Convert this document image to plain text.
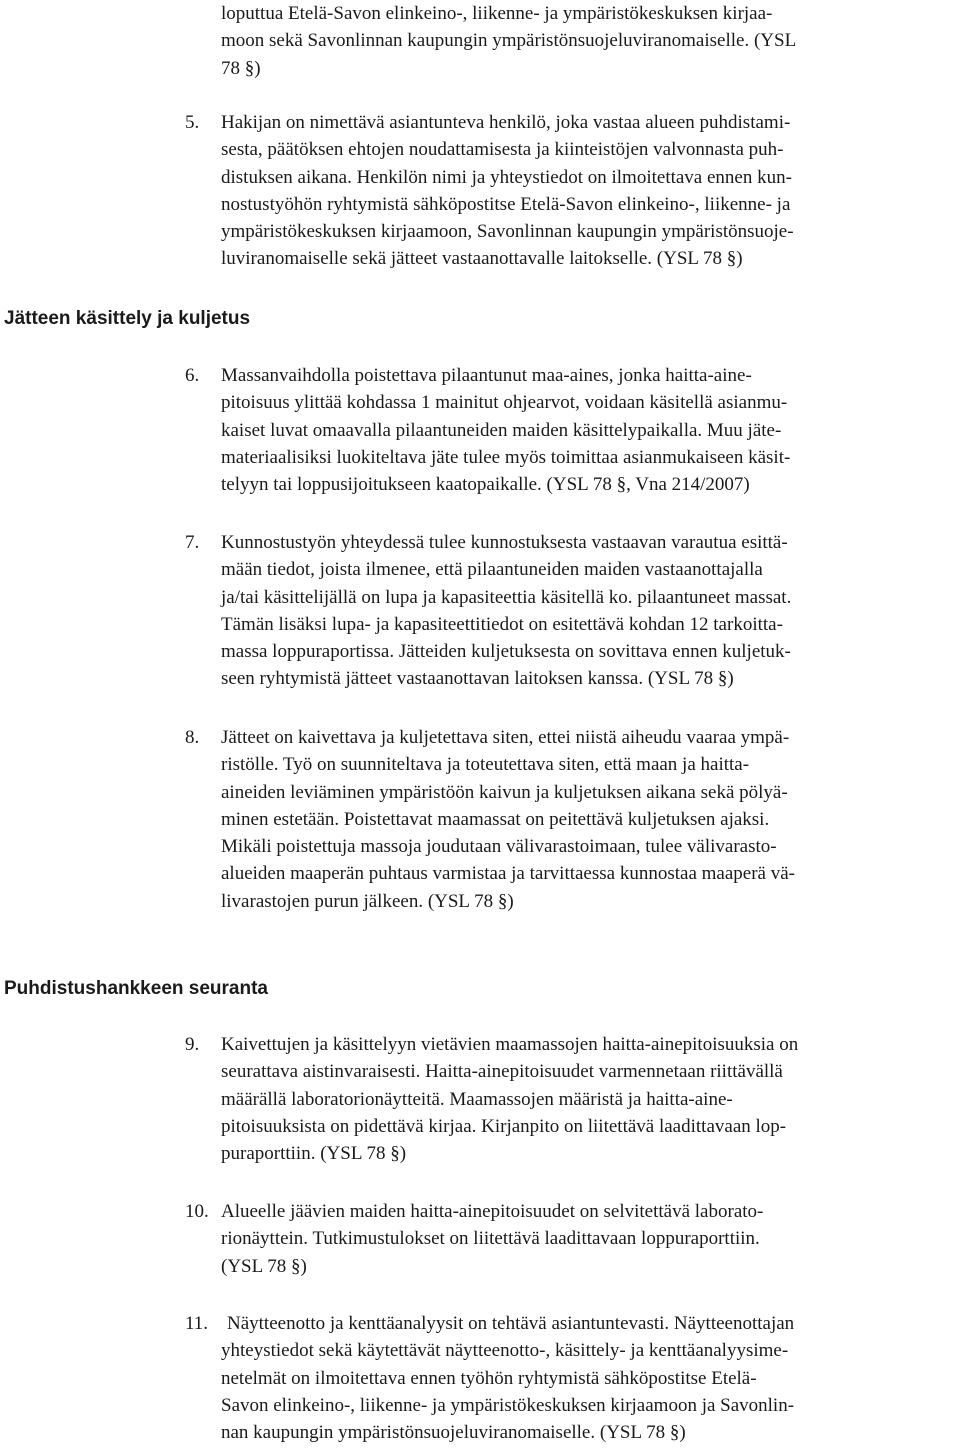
loputtua Etelä-Savon elinkeino-, liikenne- ja ympäristökeskuksen kirjaa-
moon sekä Savonlinnan kaupungin ympäristönsuojeluviranomaiselle. (YSL
78 §)

5. Hakijan on nimettävä asiantunteva henkilö, joka vastaa alueen puhdistami-
sesta, päätöksen ehtojen noudattamisesta ja kiinteistöjen valvonnasta puh-
distuksen aikana. Henkilön nimi ja yhteystiedot on ilmoitettava ennen kun-
nostustyöhön ryhtymistä sähköpostitse Etelä-Savon elinkeino-, liikenne- ja
ympäristökeskuksen kirjaamoon, Savonlinnan kaupungin ympäristönsuoje-
luviranomaiselle sekä jätteet vastaanottavalle laitokselle. (YSL 78 §)
Jätteen käsittely ja kuljetus
6. Massanvaihdolla poistettava pilaantunut maa-aines, jonka haitta-aine-
pitoisuus ylittää kohdassa 1 mainitut ohjearvot, voidaan käsitellä asianmu-
kaiset luvat omaavalla pilaantuneiden maiden käsittelypaikalla. Muu jäte-
materiaalisiksi luokiteltava jäte tulee myös toimittaa asianmukaiseen käsit-
telyyn tai loppusijoitukseen kaatopaikalle. (YSL 78 §, Vna 214/2007)
7. Kunnostustyön yhteydessä tulee kunnostuksesta vastaavan varautua esittä-
mään tiedot, joista ilmenee, että pilaantuneiden maiden vastaanottajalla
ja/tai käsittelijällä on lupa ja kapasiteettia käsitellä ko. pilaantuneet massat.
Tämän lisäksi lupa- ja kapasiteettitiedot on esitettävä kohdan 12 tarkoitta-
massa loppuraportissa. Jätteiden kuljetuksesta on sovittava ennen kuljetuk-
seen ryhtymistä jätteet vastaanottavan laitoksen kanssa. (YSL 78 §)
8. Jätteet on kaivettava ja kuljetettava siten, ettei niistä aiheudu vaaraa ympä-
ristölle. Työ on suunniteltava ja toteutettava siten, että maan ja haitta-
aineiden leviäminen ympäristöön kaivun ja kuljetuksen aikana sekä pölyä-
minen estetään. Poistettavat maamassat on peitettävä kuljetuksen ajaksi.
Mikäli poistettuja massoja joudutaan välivarastoimaan, tulee välivarasto-
alueiden maaperän puhtaus varmistaa ja tarvittaessa kunnostaa maaperä vä-
livarastojen purun jälkeen. (YSL 78 §)
Puhdistushankkeen seuranta
9. Kaivettujen ja käsittelyyn vietävien maamassojen haitta-ainepitoisuuksia on
seurattava aistinvaraisesti. Haitta-ainepitoisuudet varmennetaan riittävällä
määrällä laboratorionäytteitä. Maamassojen määristä ja haitta-aine-
pitoisuuksista on pidettävä kirjaa. Kirjanpito on liitettävä laadittavaan lop-
puraporttiin. (YSL 78 §)
10. Alueelle jäävien maiden haitta-ainepitoisuudet on selvitettävä laborato-
rionäyttein. Tutkimustulokset on liitettävä laadittavaan loppuraporttiin.
(YSL 78 §)
11. Näytteenotto ja kenttäanalyysit on tehtävä asiantuntevasti. Näytteenottajan
yhteystiedot sekä käytettävät näytteenotto-, käsittely- ja kenttäanalyysime-
netelmät on ilmoitettava ennen työhön ryhtymistä sähköpostitse Etelä-
Savon elinkeino-, liikenne- ja ympäristökeskuksen kirjaamoon ja Savonlin-
nan kaupungin ympäristönsuojeluviranomaiselle. (YSL 78 §)
